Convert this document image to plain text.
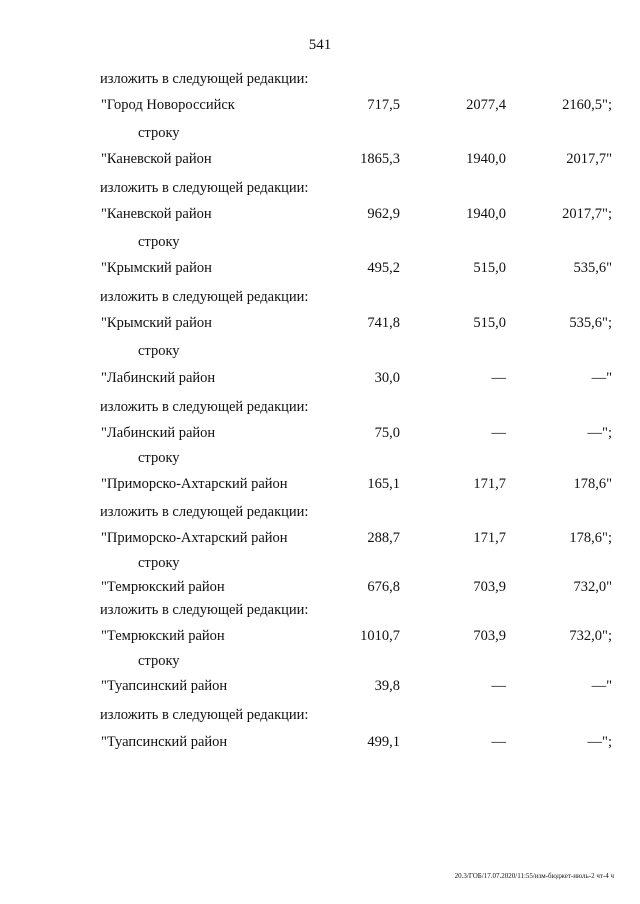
541
изложить в следующей редакции:
"Город Новороссийск	717,5	2077,4	2160,5";
строку
"Каневской район	1865,3	1940,0	2017,7"
изложить в следующей редакции:
"Каневской район	962,9	1940,0	2017,7";
строку
"Крымский район	495,2	515,0	535,6"
изложить в следующей редакции:
"Крымский район	741,8	515,0	535,6";
строку
"Лабинский район	30,0	—	—"
изложить в следующей редакции:
"Лабинский район	75,0	—	—";
строку
"Приморско-Ахтарский район	165,1	171,7	178,6"
изложить в следующей редакции:
"Приморско-Ахтарский район	288,7	171,7	178,6";
строку
"Темрюкский район	676,8	703,9	732,0"
изложить в следующей редакции:
"Темрюкский район	1010,7	703,9	732,0";
строку
"Туапсинский район	39,8	—	—"
изложить в следующей редакции:
"Туапсинский район	499,1	—	—";
20.3/ГОБ/17.07.2020/11:55/изм-бюджет-июль-2 чт-4 ч
